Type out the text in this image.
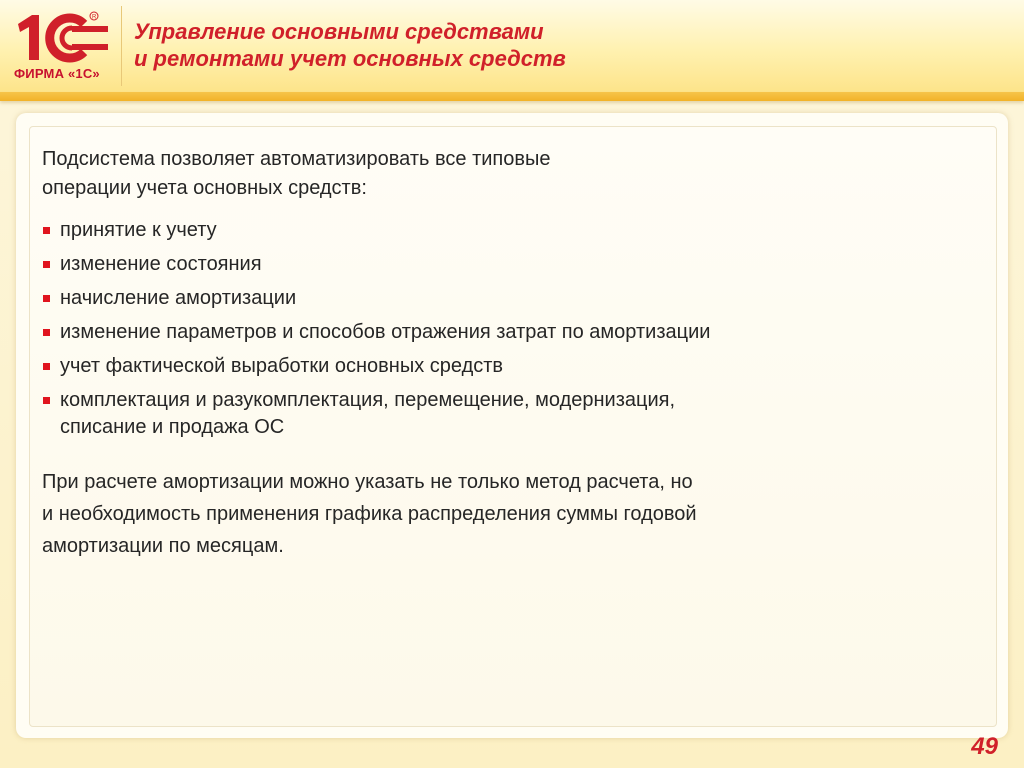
R
ФИРМА «1С»
Управление основными средствами
и ремонтами учет основных средств
Подсистема позволяет автоматизировать все типовые
операции учета основных средств:
принятие к учету
изменение состояния
начисление амортизации
изменение параметров и способов отражения затрат по амортизации
учет фактической выработки основных средств
комплектация и разукомплектация, перемещение, модернизация,
списание и продажа ОС
При расчете амортизации можно указать не только метод расчета, но
и необходимость применения графика распределения суммы годовой
амортизации по месяцам.
49
